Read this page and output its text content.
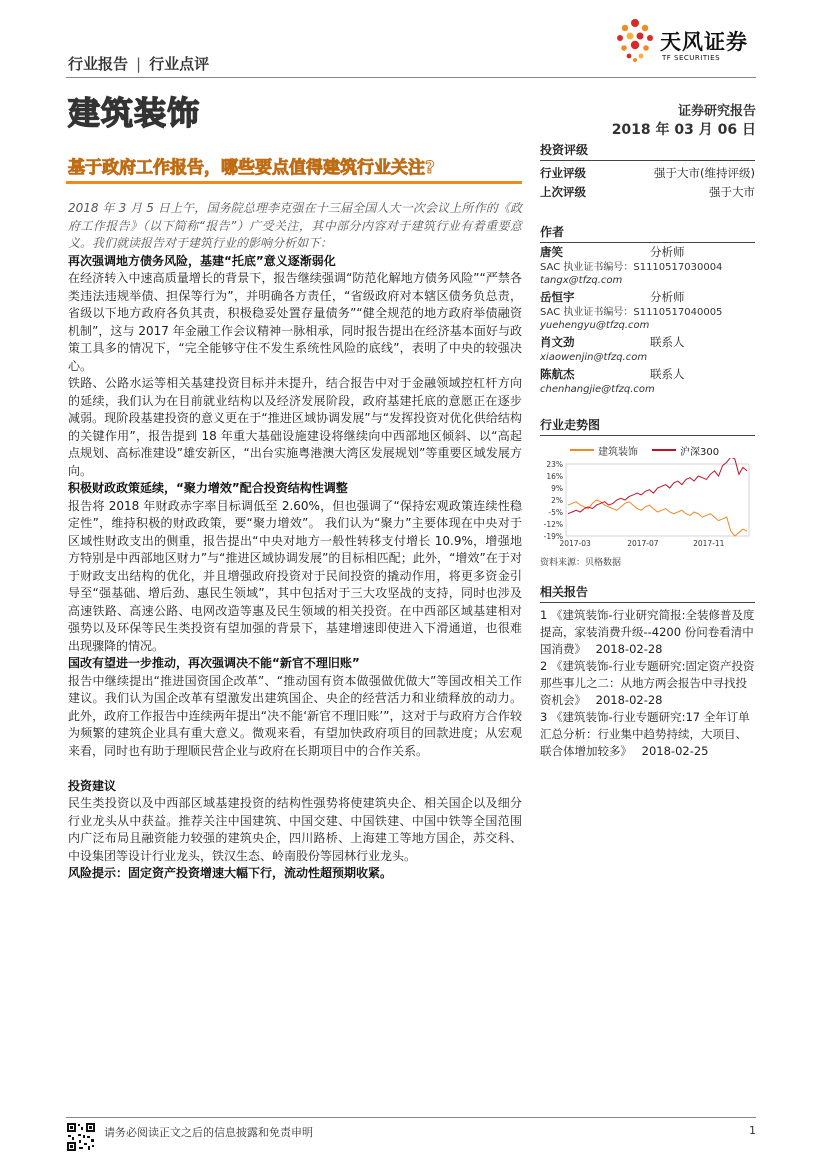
天风证券
TF SECURITIES
行业报告 | 行业点评
建筑装饰	证券研究报告
2018 年 03 月 06 日
基于政府工作报告，哪些要点值得建筑行业关注?

2018 年 3 月 5 日上午，国务院总理李克强在十三届全国人大一次会议上所作的《政府工作报告》（以下简称“报告”）广受关注，其中部分内容对于建筑行业有着重要意义。我们就读报告对于建筑行业的影响分析如下：

再次强调地方债务风险，基建“托底”意义逐渐弱化

在经济转入中速高质量增长的背景下，报告继续强调“防范化解地方债务风险”“严禁各类违法违规举债、担保等行为”，并明确各方责任，“省级政府对本辖区债务负总责，省级以下地方政府各负其责，积极稳妥处置存量债务”“健全规范的地方政府举债融资机制”，这与 2017 年金融工作会议精神一脉相承，同时报告提出在经济基本面好与政策工具多的情况下，“完全能够守住不发生系统性风险的底线”，表明了中央的较强决心。

铁路、公路水运等相关基建投资目标并未提升，结合报告中对于金融领域控杠杆方向的延续，我们认为在目前就业结构以及经济发展阶段，政府基建托底的意愿正在逐步减弱。现阶段基建投资的意义更在于“推进区域协调发展”与“发挥投资对优化供给结构的关键作用”，报告提到 18 年重大基础设施建设将继续向中西部地区倾斜、以“高起点规划、高标准建设”雄安新区，“出台实施粤港澳大湾区发展规划”等重要区域发展方向。

积极财政政策延续，“聚力增效”配合投资结构性调整

报告将 2018 年财政赤字率目标调低至 2.60%，但也强调了“保持宏观政策连续性稳定性”，维持积极的财政政策，要“聚力增效”。 我们认为“聚力”主要体现在中央对于区域性财政支出的侧重，报告提出“中央对地方一般性转移支付增长 10.9%，增强地方特别是中西部地区财力”与“推进区域协调发展”的目标相匹配；此外，“增效”在于对于财政支出结构的优化，并且增强政府投资对于民间投资的撬动作用，将更多资金引导至“强基础、增后劲、惠民生领域”，其中包括对于三大攻坚战的支持，同时也涉及高速铁路、高速公路、电网改造等惠及民生领域的相关投资。在中西部区域基建相对强势以及环保等民生类投资有望加强的背景下，基建增速即使进入下滑通道，也很难出现骤降的情况。

国改有望进一步推动，再次强调决不能“新官不理旧账”

报告中继续提出“推进国资国企改革”、“推动国有资本做强做优做大”等国改相关工作建议。我们认为国企改革有望激发出建筑国企、央企的经营活力和业绩释放的动力。此外，政府工作报告中连续两年提出“决不能‘新官不理旧账’”，这对于与政府方合作较为频繁的建筑企业具有重大意义。微观来看，有望加快政府项目的回款进度；从宏观来看，同时也有助于理顺民营企业与政府在长期项目中的合作关系。

投资建议

民生类投资以及中西部区域基建投资的结构性强势将使建筑央企、相关国企以及细分行业龙头从中获益。推荐关注中国建筑、中国交建、中国铁建、中国中铁等全国范围内广泛布局且融资能力较强的建筑央企，四川路桥、上海建工等地方国企，苏交科、中设集团等设计行业龙头，铁汉生态、岭南股份等园林行业龙头。

风险提示：固定资产投资增速大幅下行，流动性超预期收紧。

投资评级
行业评级	强于大市(维持评级)
上次评级	强于大市
作者
唐笑	分析师
SAC 执业证书编号：S1110517030004
tangx@tfzq.com
岳恒宇	分析师
SAC 执业证书编号：S1110517040005
yuehengyu@tfzq.com
肖文劲	联系人
xiaowenjin@tfzq.com
陈航杰	联系人
chenhangjie@tfzq.com
行业走势图
建筑装饰	沪深300
23%
16%
9%
2%
-5%
-12%
-19%
2017-03	2017-07	2017-11
资料来源：贝格数据
相关报告
1 《建筑装饰-行业研究简报:全装修普及度提高，家装消费升级--4200 份问卷看清中国消费》 2018-02-28
2 《建筑装饰-行业专题研究:固定资产投资那些事儿之二：从地方两会报告中寻找投资机会》 2018-02-28
3 《建筑装饰-行业专题研究:17 全年订单汇总分析：行业集中趋势持续，大项目、联合体增加较多》 2018-02-25
请务必阅读正文之后的信息披露和免责申明	1
